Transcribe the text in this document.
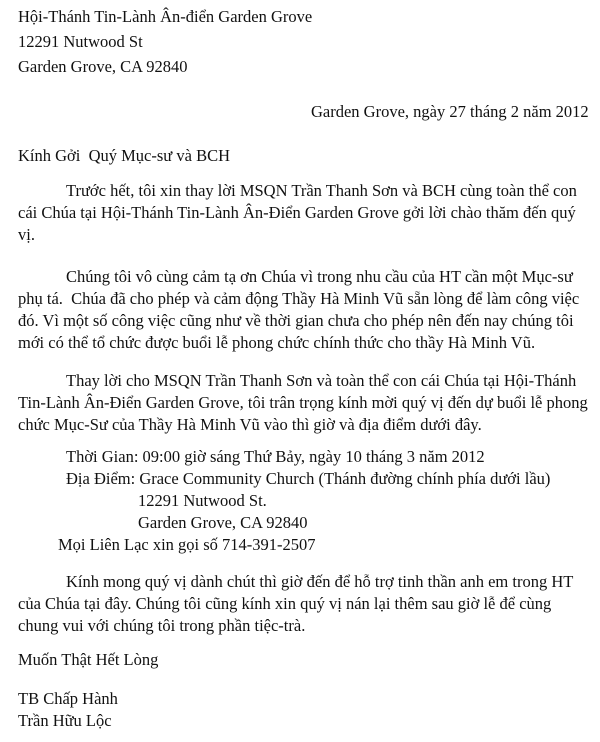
Hội-Thánh Tin-Lành Ân-điển Garden Grove
12291 Nutwood St
Garden Grove, CA 92840
Garden Grove, ngày 27 tháng 2 năm 2012
Kính Gởi  Quý Mục-sư và BCH
Trước hết, tôi xin thay lời MSQN Trần Thanh Sơn và BCH cùng toàn thể con
cái Chúa tại Hội-Thánh Tin-Lành Ân-Điển Garden Grove gởi lời chào thăm đến quý
vị.
Chúng tôi vô cùng cảm tạ ơn Chúa vì trong nhu cầu của HT cần một Mục-sư
phụ tá.  Chúa đã cho phép và cảm động Thầy Hà Minh Vũ sẵn lòng để làm công việc
đó. Vì một số công việc cũng như về thời gian chưa cho phép nên đến nay chúng tôi
mới có thể tổ chức được buổi lễ phong chức chính thức cho thầy Hà Minh Vũ.
Thay lời cho MSQN Trần Thanh Sơn và toàn thể con cái Chúa tại Hội-Thánh
Tin-Lành Ân-Điển Garden Grove, tôi trân trọng kính mời quý vị đến dự buổi lễ phong
chức Mục-Sư của Thầy Hà Minh Vũ vào thì giờ và địa điểm dưới đây.
Thời Gian: 09:00 giờ sáng Thứ Bảy, ngày 10 tháng 3 năm 2012
Địa Điểm: Grace Community Church (Thánh đường chính phía dưới lầu)
12291 Nutwood St.
Garden Grove, CA 92840
Mọi Liên Lạc xin gọi số 714-391-2507
Kính mong quý vị dành chút thì giờ đến để hỗ trợ tinh thần anh em trong HT
của Chúa tại đây. Chúng tôi cũng kính xin quý vị nán lại thêm sau giờ lễ để cùng
chung vui với chúng tôi trong phần tiệc-trà.
Muốn Thật Hết Lòng
TB Chấp Hành
Trần Hữu Lộc
